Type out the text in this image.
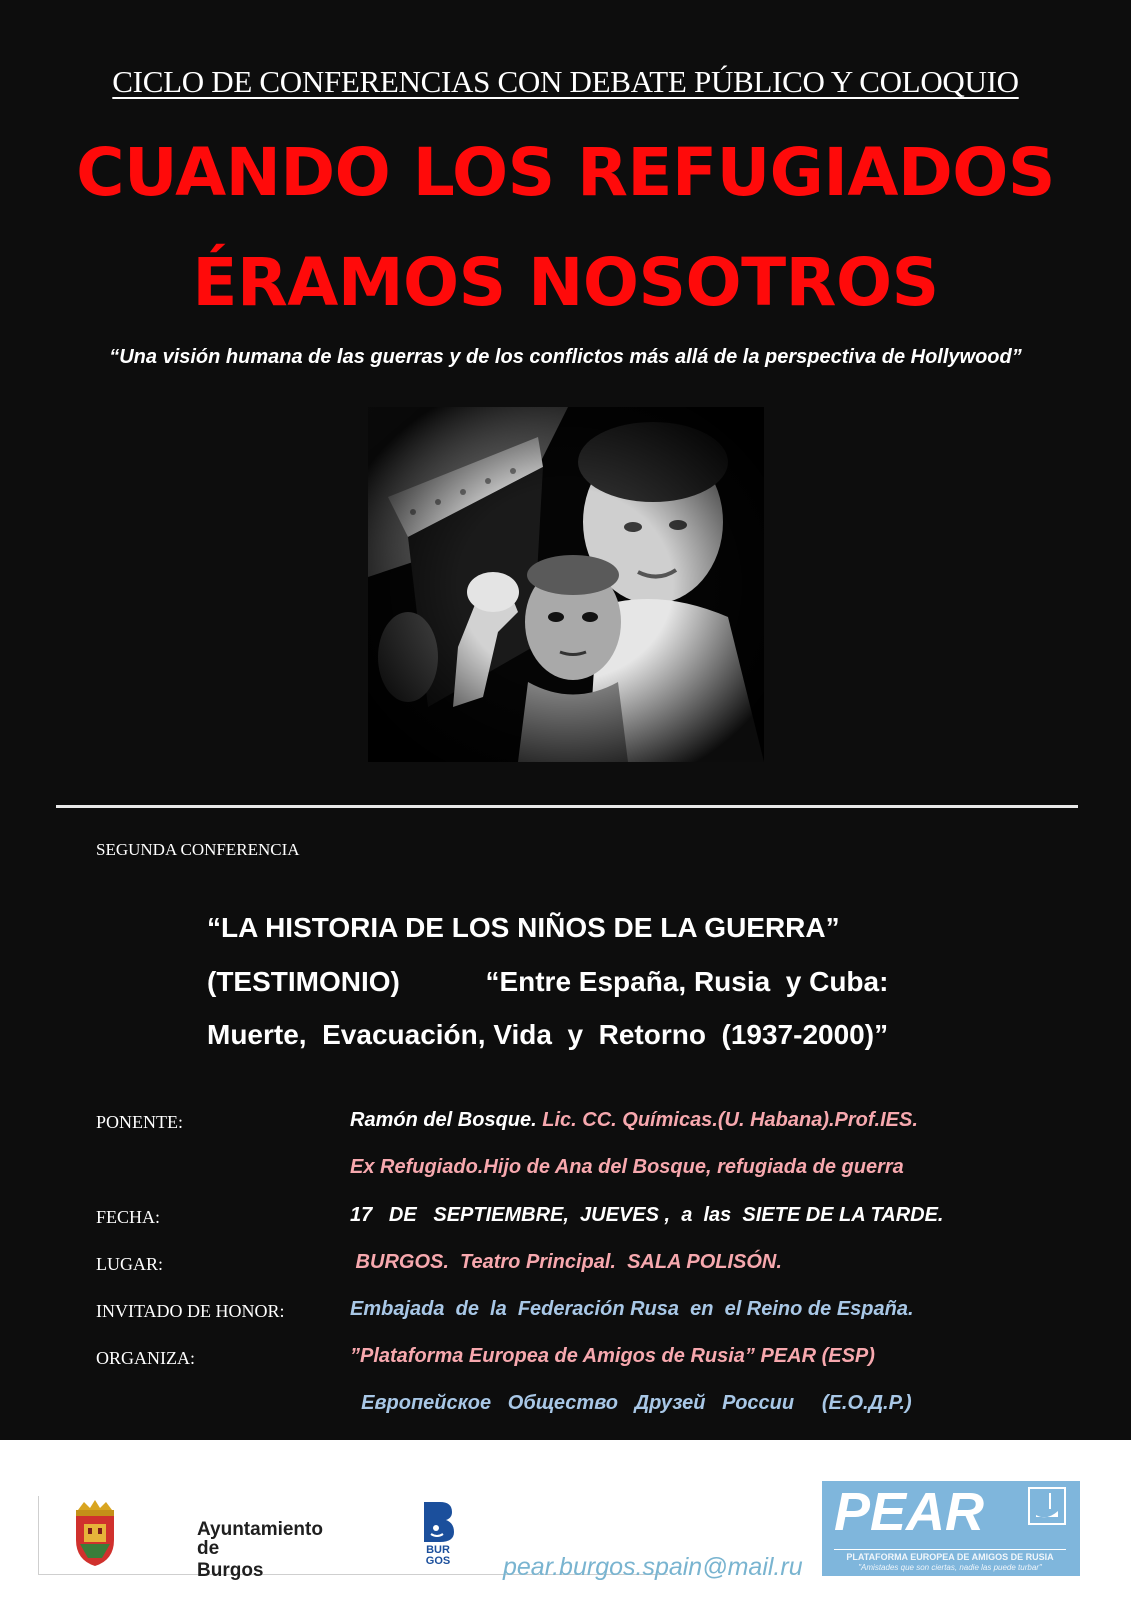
CICLO DE CONFERENCIAS CON DEBATE PÚBLICO Y COLOQUIO
CUANDO LOS REFUGIADOS
ÉRAMOS NOSOTROS
“Una visión humana de las guerras y de los conflictos más allá de la perspectiva de Hollywood”
SEGUNDA CONFERENCIA
“LA HISTORIA DE LOS NIÑOS DE LA GUERRA”
(TESTIMONIO)           “Entre España, Rusia  y Cuba:
Muerte,  Evacuación, Vida  y  Retorno  (1937-2000)”
PONENTE:	Ramón del Bosque. Lic. CC. Químicas.(U. Habana).Prof.IES.
Ex Refugiado.Hijo de Ana del Bosque, refugiada de guerra
FECHA:	17   DE   SEPTIEMBRE,  JUEVES ,  a  las  SIETE DE LA TARDE.
LUGAR:	BURGOS.  Teatro Principal.  SALA POLISÓN.
INVITADO DE HONOR:	Embajada  de  la  Federación Rusa  en  el Reino de España.
ORGANIZA:	”Plataforma Europea de Amigos de Rusia” PEAR (ESP)
Европейское   Общество   Друзей   России     (Е.О.Д.Р.)
Ayuntamiento
de Burgos
BUR GOS	pear.burgos.spain@mail.ru
PEAR
PLATAFORMA EUROPEA DE AMIGOS DE RUSIA
"Amistades que son ciertas, nadie las puede turbar"
